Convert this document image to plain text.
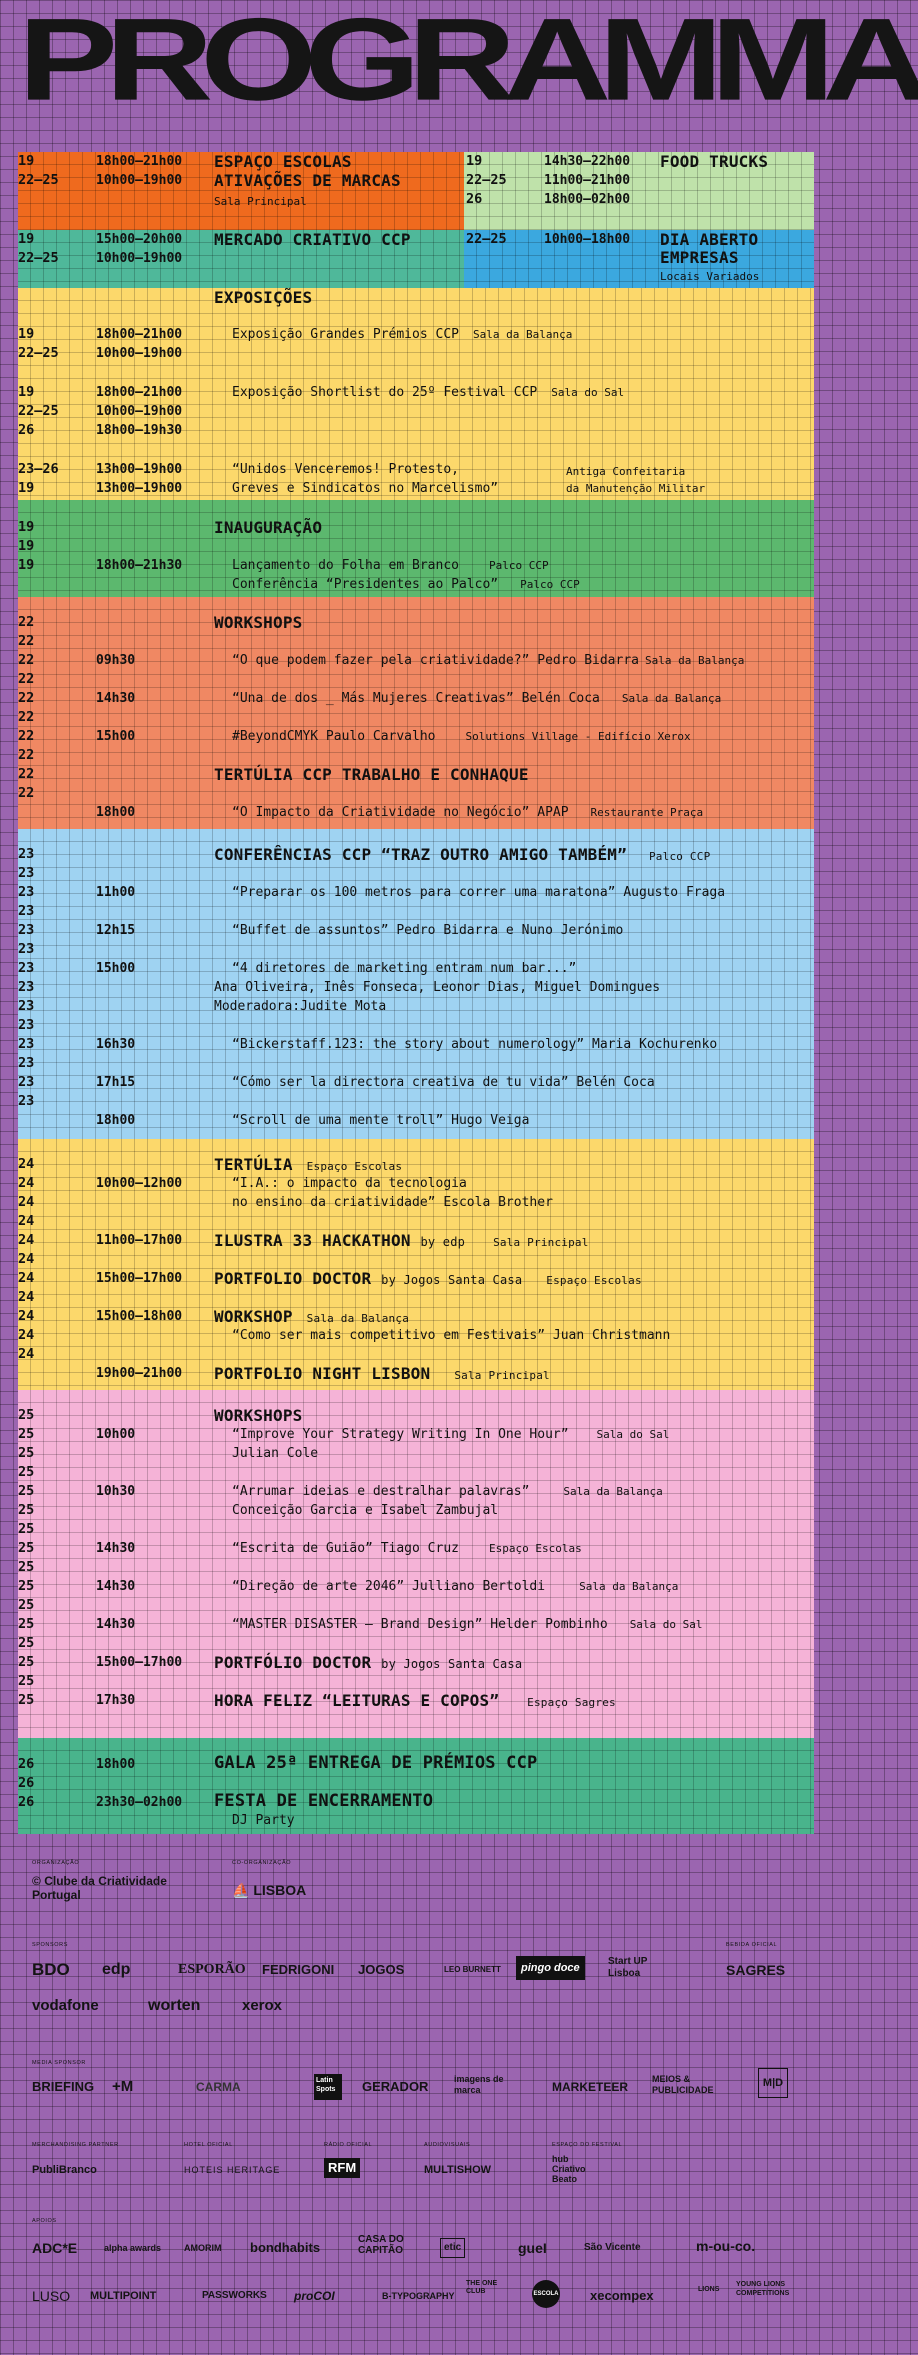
PROGRAMMA
19	18h00–21h00 ESPAÇO ESCOLAS
22–25	10h00–19h00 ATIVAÇÕES DE MARCAS
Sala Principal
19	14h30–22h00 FOOD TRUCKS
22–25	11h00–21h00
26	18h00–02h00
19	15h00–20h00 MERCADO CRIATIVO CCP
22–25	10h00–19h00
22–25	10h00–18h00 DIA ABERTO
EMPRESAS
Locais Variados
EXPOSIÇÕES
19	18h00–21h00	Exposição Grandes Prémios CCP Sala da Balança
22–25	10h00–19h00
19	18h00–21h00	Exposição Shortlist do 25º Festival CCP Sala do Sal
22–25	10h00–19h00
26	18h00–19h30
23–26	13h00–19h00	“Unidos Venceremos! Protesto,	Antiga Confeitaria
19	13h00–19h00	Greves e Sindicatos no Marcelismo”	da Manutenção Militar
19	INAUGURAÇÃO
19
19	18h00–21h30	Lançamento do Folha em Branco	Palco CCP
Conferência “Presidentes ao Palco” Palco CCP
22	WORKSHOPS
22
22	09h30	“O que podem fazer pela criatividade?” Pedro Bidarra Sala da Balança
22
22	14h30	“Una de dos _ Más Mujeres Creativas” Belén Coca Sala da Balança
22
22	15h00	#BeyondCMYK Paulo Carvalho	Solutions Village - Edifício Xerox
22
22	TERTÚLIA CCP TRABALHO E CONHAQUE
22
18h00	“O Impacto da Criatividade no Negócio” APAP Restaurante Praça
23	CONFERÊNCIAS CCP “TRAZ OUTRO AMIGO TAMBÉM” Palco CCP
23
23	11h00	“Preparar os 100 metros para correr uma maratona” Augusto Fraga
23
23	12h15	“Buffet de assuntos” Pedro Bidarra e Nuno Jerónimo
23
23	15h00	“4 diretores de marketing entram num bar...”
23	Ana Oliveira, Inês Fonseca, Leonor Dias, Miguel Domingues
23	Moderadora:Judite Mota
23
23	16h30	“Bickerstaff.123: the story about numerology” Maria Kochurenko
23
23	17h15	“Cómo ser la directora creativa de tu vida” Belén Coca
23
18h00	“Scroll de uma mente troll” Hugo Veiga
24	TERTÚLIA Espaço Escolas
24	10h00–12h00	“I.A.: o impacto da tecnologia
24	no ensino da criatividade” Escola Brother
24
24	11h00–17h00 ILUSTRA 33 HACKATHON by edp	Sala Principal
24
24	15h00–17h00 PORTFOLIO DOCTOR by Jogos Santa Casa Espaço Escolas
24
24	15h00–18h00 WORKSHOP Sala da Balança
24	“Como ser mais competitivo em Festivais” Juan Christmann
24
19h00–21h00 PORTFOLIO NIGHT LISBON Sala Principal
25	WORKSHOPS
25	10h00	“Improve Your Strategy Writing In One Hour”	Sala do Sal
25	Julian Cole
25
25	10h30	“Arrumar ideias e destralhar palavras”	Sala da Balança
25	Conceição Garcia e Isabel Zambujal
25
25	14h30	“Escrita de Guião” Tiago Cruz	Espaço Escolas
25
25	14h30	“Direção de arte 2046” Julliano Bertoldi	Sala da Balança
25
25	14h30	“MASTER DISASTER – Brand Design” Helder Pombinho Sala do Sal
25
25	15h00–17h00 PORTFÓLIO DOCTOR by Jogos Santa Casa
25
25	17h30	HORA FELIZ “LEITURAS E COPOS”	Espaço Sagres
26	18h00	GALA 25ª ENTREGA DE PRÉMIOS CCP
26
26	23h30–02h00 FESTA DE ENCERRAMENTO
DJ Party
ORGANIZAÇÃO
© Clube da Criatividade Portugal
CO-ORGANIZAÇÃO
⛵ LISBOA
SPONSORS
BDO edp	ESPORÃO FEDRIGONI JOGOS	LEO BURNETT	pingo doce
Start UP Lisboa
BEBIDA OFICIAL
SAGRES
vodafone	worten	xerox
MEDIA SPONSOR
BRIEFING +M	CARMA	Latin Spots	GERADOR	imagens de marca	MARKETEER
MEIOS & PUBLICIDADE
M|D
MERCHANDISING PARTNER
PubliBranco
HOTEL OFICIAL
HOTEIS HERITAGE
RÁDIO OFICIAL
RFM
AUDIOVISUAIS
MULTISHOW
ESPAÇO DO FESTIVAL
hub Criativo Beato
APOIOS
ADC*E	alpha awards	AMORIM bondhabits
CASA DO CAPITÃO	etic	gueI	São Vicente	m-ou-co.
LUSO MULTIPOINT	PASSWORKS proCOI	B-TYPOGRAPHY
THE ONE CLUB	ESCOLA xecompex	LIONS
YOUNG LIONS COMPETITIONS
